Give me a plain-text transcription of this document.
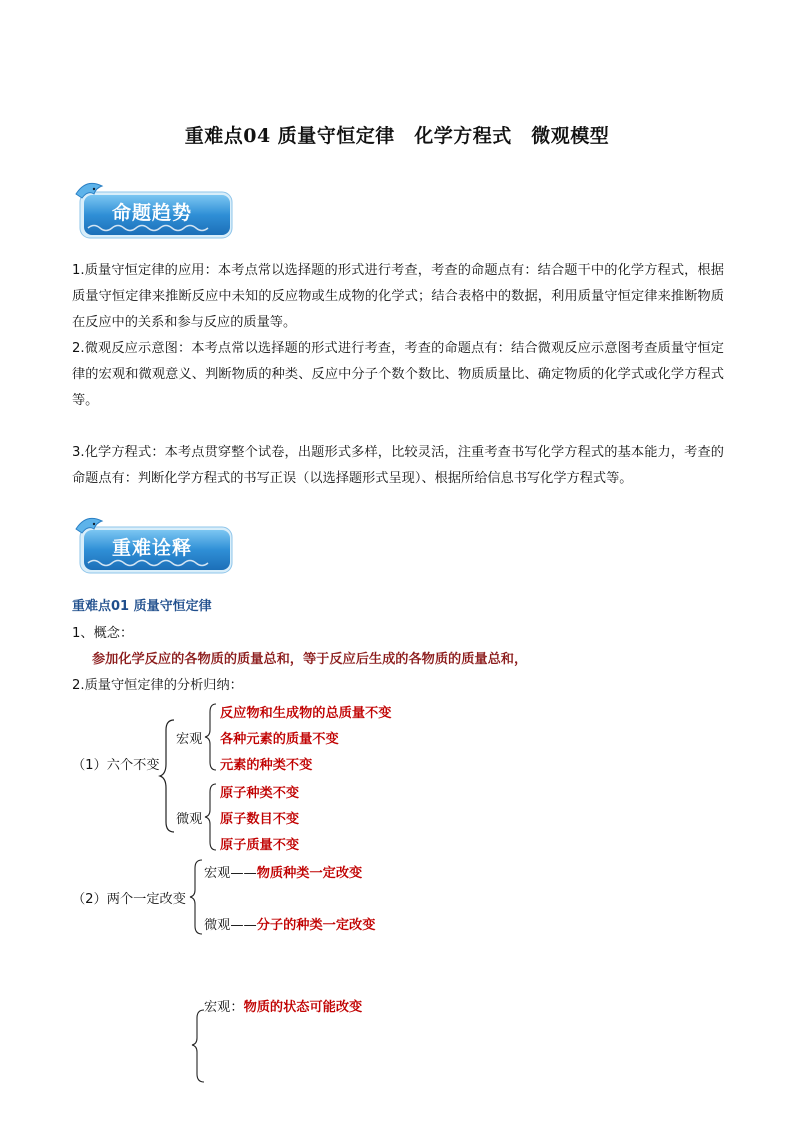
重难点04 质量守恒定律　化学方程式　微观模型
命题趋势
1.质量守恒定律的应用：本考点常以选择题的形式进行考查，考查的命题点有：结合题干中的化学方程式，根据质量守恒定律来推断反应中未知的反应物或生成物的化学式；结合表格中的数据，利用质量守恒定律来推断物质在反应中的关系和参与反应的质量等。
2.微观反应示意图：本考点常以选择题的形式进行考查，考查的命题点有：结合微观反应示意图考查质量守恒定律的宏观和微观意义、判断物质的种类、反应中分子个数个数比、物质质量比、确定物质的化学式或化学方程式等。
3.化学方程式：本考点贯穿整个试卷，出题形式多样，比较灵活，注重考查书写化学方程式的基本能力，考查的命题点有：判断化学方程式的书写正误（以选择题形式呈现）、根据所给信息书写化学方程式等。
重难诠释
重难点01 质量守恒定律
1、概念：
参加化学反应的各物质的质量总和，等于反应后生成的各物质的质量总和，
2.质量守恒定律的分析归纳：
（1）六个不变
宏观
反应物和生成物的总质量不变
各种元素的质量不变
元素的种类不变
微观
原子种类不变
原子数目不变
原子质量不变
（2）两个一定改变
宏观——物质种类一定改变
微观——分子的种类一定改变
宏观：物质的状态可能改变
